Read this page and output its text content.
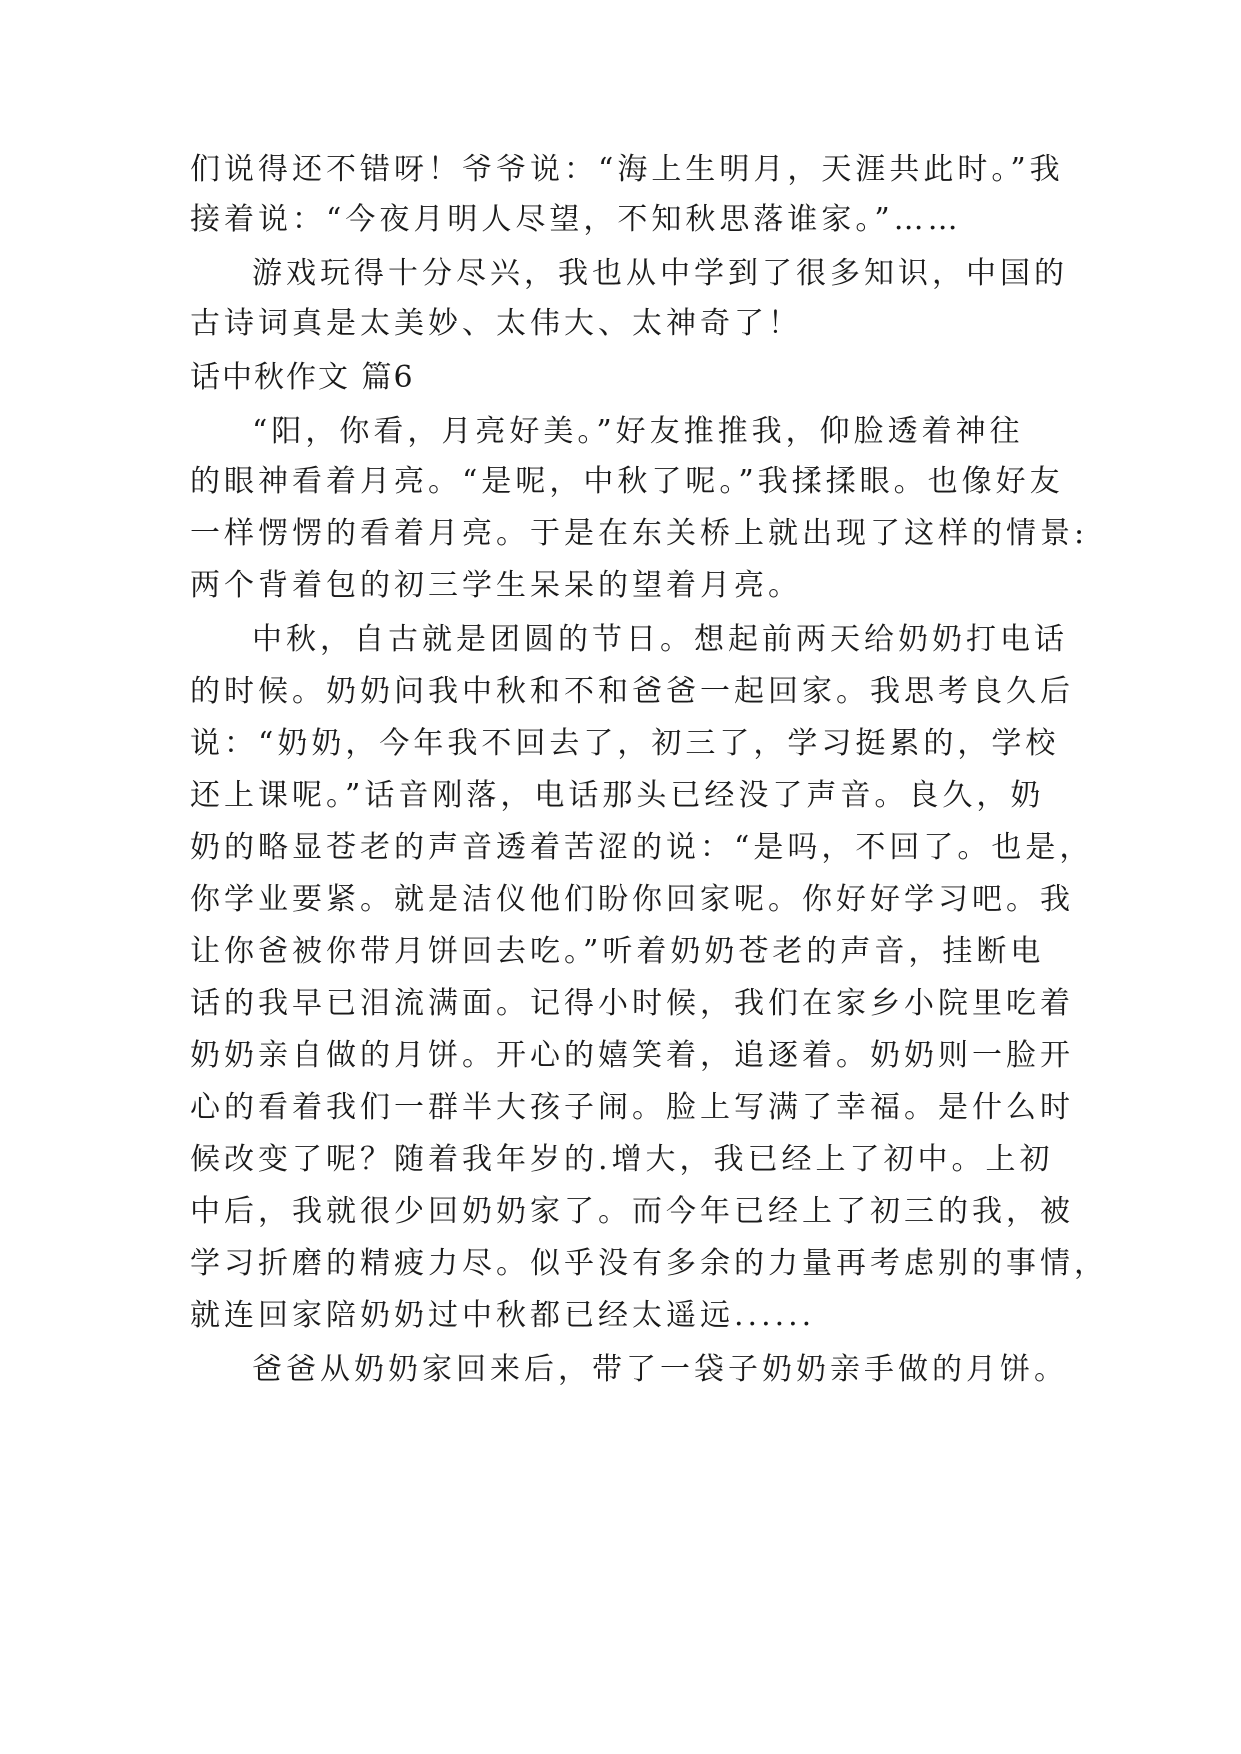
们说得还不错呀！爷爷说：“海上生明月，天涯共此时。”我
接着说：“今夜月明人尽望，不知秋思落谁家。”……
游戏玩得十分尽兴，我也从中学到了很多知识，中国的
古诗词真是太美妙、太伟大、太神奇了！
话中秋作文 篇6
“阳，你看，月亮好美。”好友推推我，仰脸透着神往
的眼神看着月亮。“是呢，中秋了呢。”我揉揉眼。也像好友
一样愣愣的看着月亮。于是在东关桥上就出现了这样的情景:
两个背着包的初三学生呆呆的望着月亮。
中秋，自古就是团圆的节日。想起前两天给奶奶打电话
的时候。奶奶问我中秋和不和爸爸一起回家。我思考良久后
说：“奶奶，今年我不回去了，初三了，学习挺累的，学校
还上课呢。”话音刚落，电话那头已经没了声音。良久，奶
奶的略显苍老的声音透着苦涩的说：“是吗，不回了。也是，
你学业要紧。就是洁仪他们盼你回家呢。你好好学习吧。我
让你爸被你带月饼回去吃。”听着奶奶苍老的声音，挂断电
话的我早已泪流满面。记得小时候，我们在家乡小院里吃着
奶奶亲自做的月饼。开心的嬉笑着，追逐着。奶奶则一脸开
心的看着我们一群半大孩子闹。脸上写满了幸福。是什么时
候改变了呢？随着我年岁的.增大，我已经上了初中。上初
中后，我就很少回奶奶家了。而今年已经上了初三的我，被
学习折磨的精疲力尽。似乎没有多余的力量再考虑别的事情，
就连回家陪奶奶过中秋都已经太遥远......
爸爸从奶奶家回来后，带了一袋子奶奶亲手做的月饼。
